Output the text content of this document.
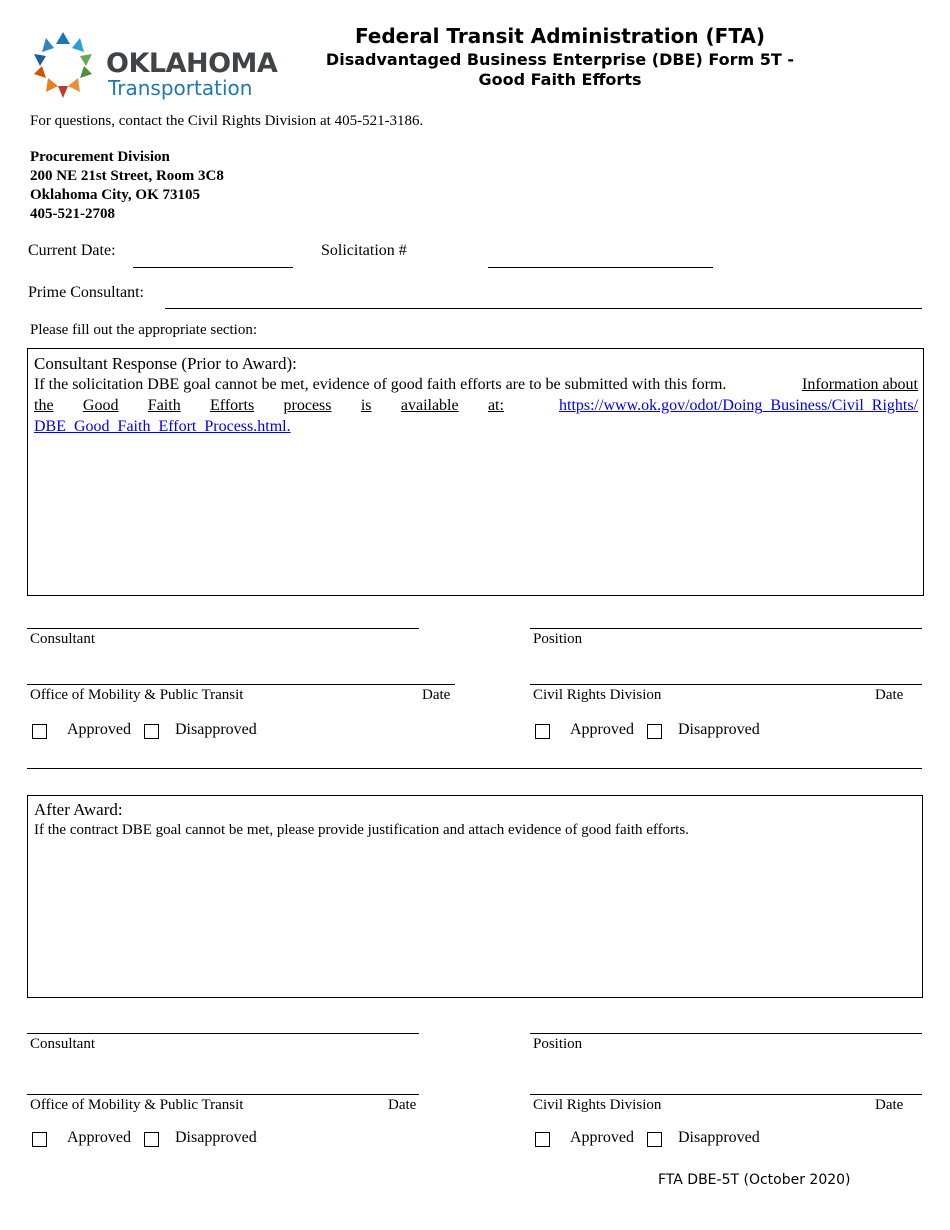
OKLAHOMA
Transportation
Federal Transit Administration (FTA)
Disadvantaged Business Enterprise (DBE) Form 5T -
Good Faith Efforts
For questions, contact the Civil Rights Division at 405-521-3186.
Procurement Division
200 NE 21st Street, Room 3C8
Oklahoma City, OK 73105
405-521-2708
Current Date:	Solicitation #
Prime Consultant:
Please fill out the appropriate section:
Consultant Response (Prior to Award):
If the solicitation DBE goal cannot be met, evidence of good faith efforts are to be submitted with this form.	Information about
the Good Faith Efforts process is available at:	https://www.ok.gov/odot/Doing_Business/Civil_Rights/
DBE_Good_Faith_Effort_Process.html.
Consultant	Position
Office of Mobility & Public Transit	Date	Civil Rights Division	Date
Approved	Disapproved	Approved	Disapproved
After Award:
If the contract DBE goal cannot be met, please provide justification and attach evidence of good faith efforts.
Consultant	Position
Office of Mobility & Public Transit	Date	Civil Rights Division	Date
Approved	Disapproved	Approved	Disapproved
FTA DBE-5T (October 2020)
